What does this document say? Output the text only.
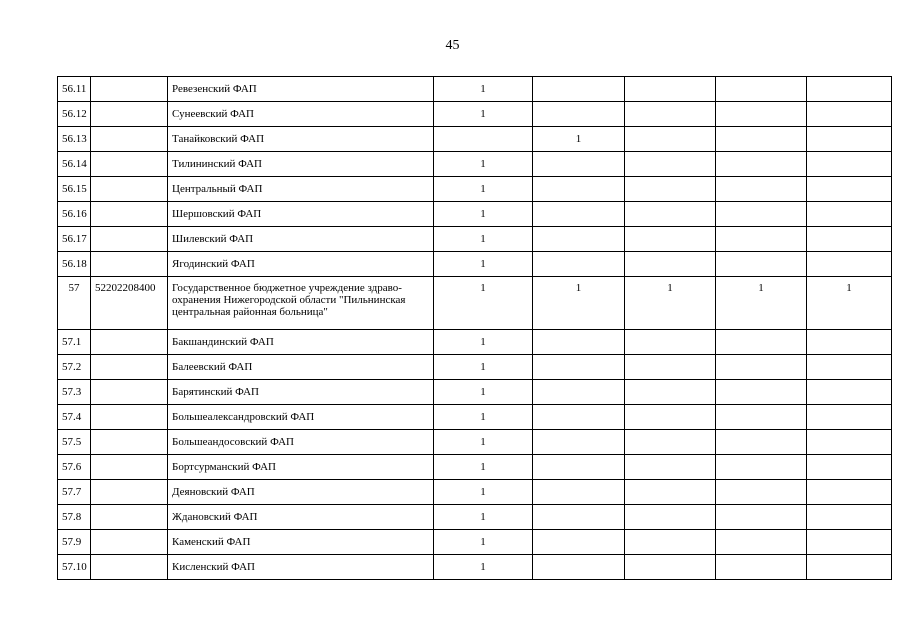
45
56.11		Ревезенский ФАП	1				
56.12		Сунеевский ФАП	1				
56.13		Танайковский ФАП		1			
56.14		Тилининский ФАП	1				
56.15		Центральный ФАП	1				
56.16		Шершовский ФАП	1				
56.17		Шилевский ФАП	1				
56.18		Ягодинский ФАП	1				
57	52202208400	Государственное бюджетное учреждение здраво-охранения Нижегородской области "Пильнинская центральная районная больница"	1	1	1	1	1
57.1		Бакшандинский ФАП	1				
57.2		Балеевский ФАП	1				
57.3		Барятинский ФАП	1				
57.4		Большеалександровский ФАП	1				
57.5		Большеандосовский ФАП	1				
57.6		Бортсурманский ФАП	1				
57.7		Деяновский ФАП	1				
57.8		Ждановский ФАП	1				
57.9		Каменский ФАП	1				
57.10		Кисленский ФАП	1				
